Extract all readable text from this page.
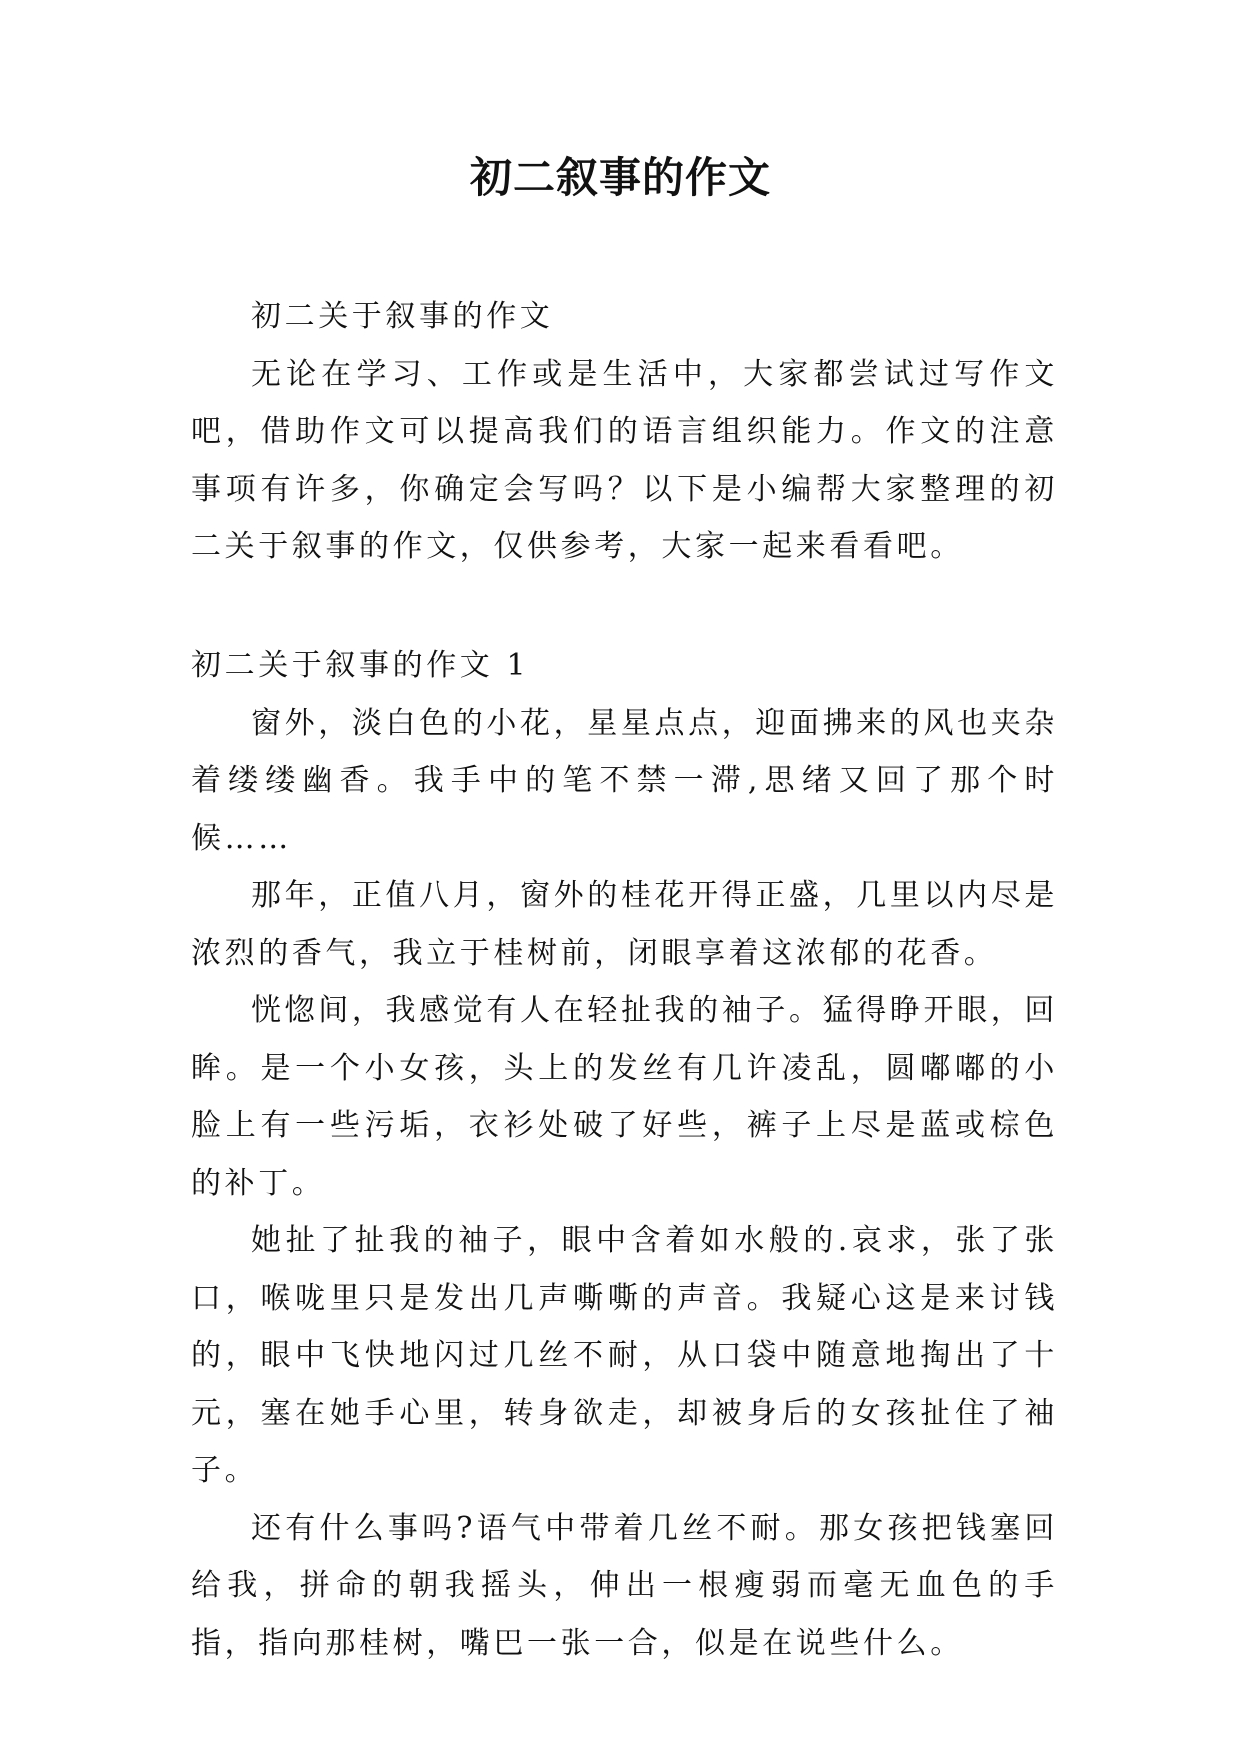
初二叙事的作文

初二关于叙事的作文

无论在学习、工作或是生活中，大家都尝试过写作文吧，借助作文可以提高我们的语言组织能力。作文的注意事项有许多，你确定会写吗？以下是小编帮大家整理的初二关于叙事的作文，仅供参考，大家一起来看看吧。

初二关于叙事的作文 1

窗外，淡白色的小花，星星点点，迎面拂来的风也夹杂着缕缕幽香。我手中的笔不禁一滞,思绪又回了那个时候……

那年，正值八月，窗外的桂花开得正盛，几里以内尽是浓烈的香气，我立于桂树前，闭眼享着这浓郁的花香。

恍惚间，我感觉有人在轻扯我的袖子。猛得睁开眼，回眸。是一个小女孩，头上的发丝有几许凌乱，圆嘟嘟的小脸上有一些污垢，衣衫处破了好些，裤子上尽是蓝或棕色的补丁。

她扯了扯我的袖子，眼中含着如水般的.哀求，张了张口，喉咙里只是发出几声嘶嘶的声音。我疑心这是来讨钱的，眼中飞快地闪过几丝不耐，从口袋中随意地掏出了十元，塞在她手心里，转身欲走，却被身后的女孩扯住了袖子。

还有什么事吗?语气中带着几丝不耐。那女孩把钱塞回给我，拼命的朝我摇头，伸出一根瘦弱而毫无血色的手指，指向那桂树，嘴巴一张一合，似是在说些什么。
